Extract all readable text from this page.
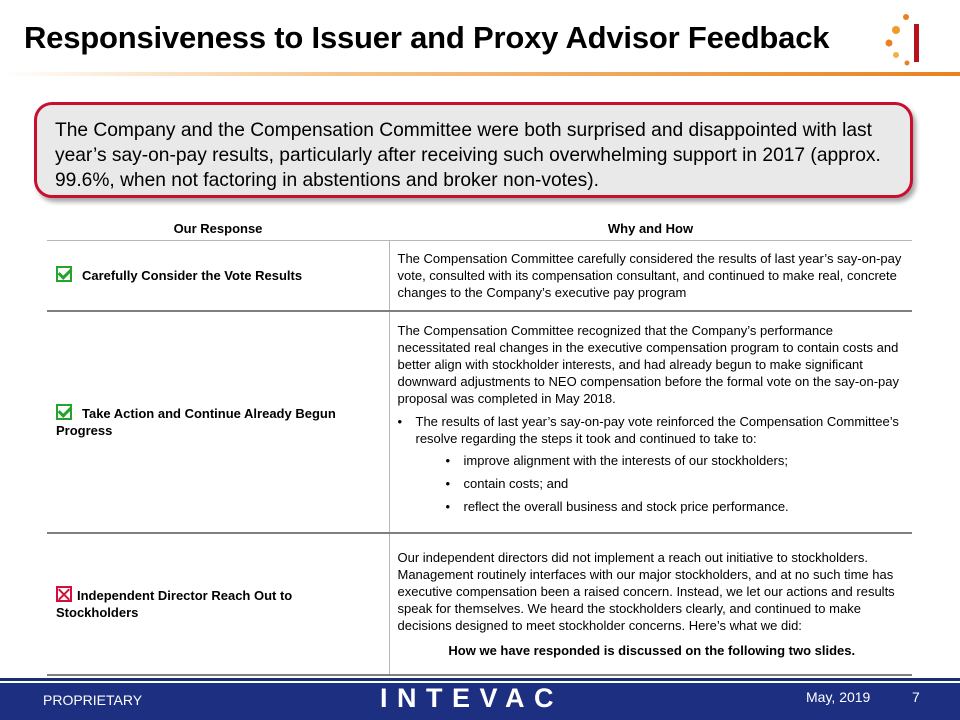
Responsiveness to Issuer and Proxy Advisor Feedback
The Company and the Compensation Committee were both surprised and disappointed with last year’s say-on-pay results, particularly after receiving such overwhelming support in 2017 (approx. 99.6%, when not factoring in abstentions and broker non-votes).
Our Response	Why and How
Carefully Consider the Vote Results	The Compensation Committee carefully considered the results of last year’s say-on-pay vote, consulted with its compensation consultant, and continued to make real, concrete changes to the Company’s executive pay program

Take Action and Continue Already Begun Progress	The Compensation Committee recognized that the Company’s performance necessitated real changes in the executive compensation program to contain costs and better align with stockholder interests, and had already begun to make significant downward adjustments to NEO compensation before the formal vote on the say-on-pay proposal was completed in May 2018.
• The results of last year’s say-on-pay vote reinforced the Compensation Committee’s resolve regarding the steps it took and continued to take to:
• improve alignment with the interests of our stockholders;
• contain costs; and
• reflect the overall business and stock price performance.

Independent Director Reach Out to Stockholders	Our independent directors did not implement a reach out initiative to stockholders. Management routinely interfaces with our major stockholders, and at no such time has executive compensation been a raised concern. Instead, we let our actions and results speak for themselves. We heard the stockholders clearly, and continued to make decisions designed to meet stockholder concerns. Here’s what we did:
How we have responded is discussed on the following two slides.
PROPRIETARY	INTEVAC	May, 2019	7
